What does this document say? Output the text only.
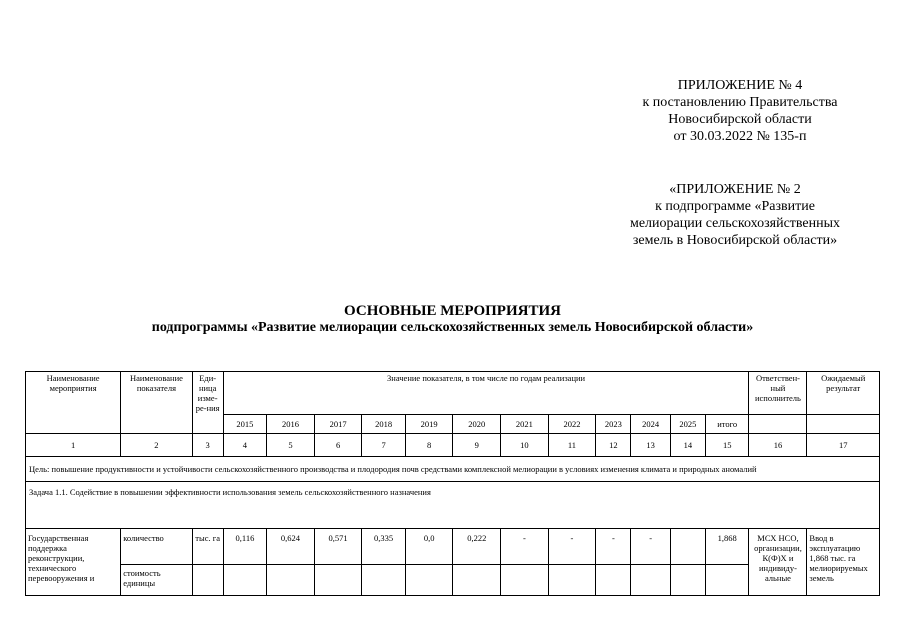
ПРИЛОЖЕНИЕ № 4
к постановлению Правительства
Новосибирской области
от 30.03.2022 № 135-п
«ПРИЛОЖЕНИЕ № 2
к подпрограмме «Развитие
мелиорации сельскохозяйственных
земель в Новосибирской области»
ОСНОВНЫЕ МЕРОПРИЯТИЯ
подпрограммы «Развитие мелиорации сельскохозяйственных земель Новосибирской области»
Наименование мероприятия	Наименование показателя	Еди-ница изме-ре-ния	Значение показателя, в том числе по годам реализации												Ответствен-ный исполнитель	Ожидаемый результат
			2015	2016	2017	2018	2019	2020	2021	2022	2023	2024	2025	итого		
1	2	3	4	5	6	7	8	9	10	11	12	13	14	15	16	17
Цель: повышение продуктивности и устойчивости сельскохозяйственного производства и плодородия почв средствами комплексной мелиорации в условиях изменения климата и природных аномалий																
Задача 1.1. Содействие в повышении эффективности использования земель сельскохозяйственного назначения																
Государственная поддержка реконструкции, технического перевооружения и	количество	тыс. га	0,116	0,624	0,571	0,335	0,0	0,222	-	-	-	-		1,868	МСХ НСО, организации, К(Ф)Х и индивиду-альные	Ввод в эксплуатацию 1,868 тыс. га мелиорируемых земель
	стоимость единицы															
